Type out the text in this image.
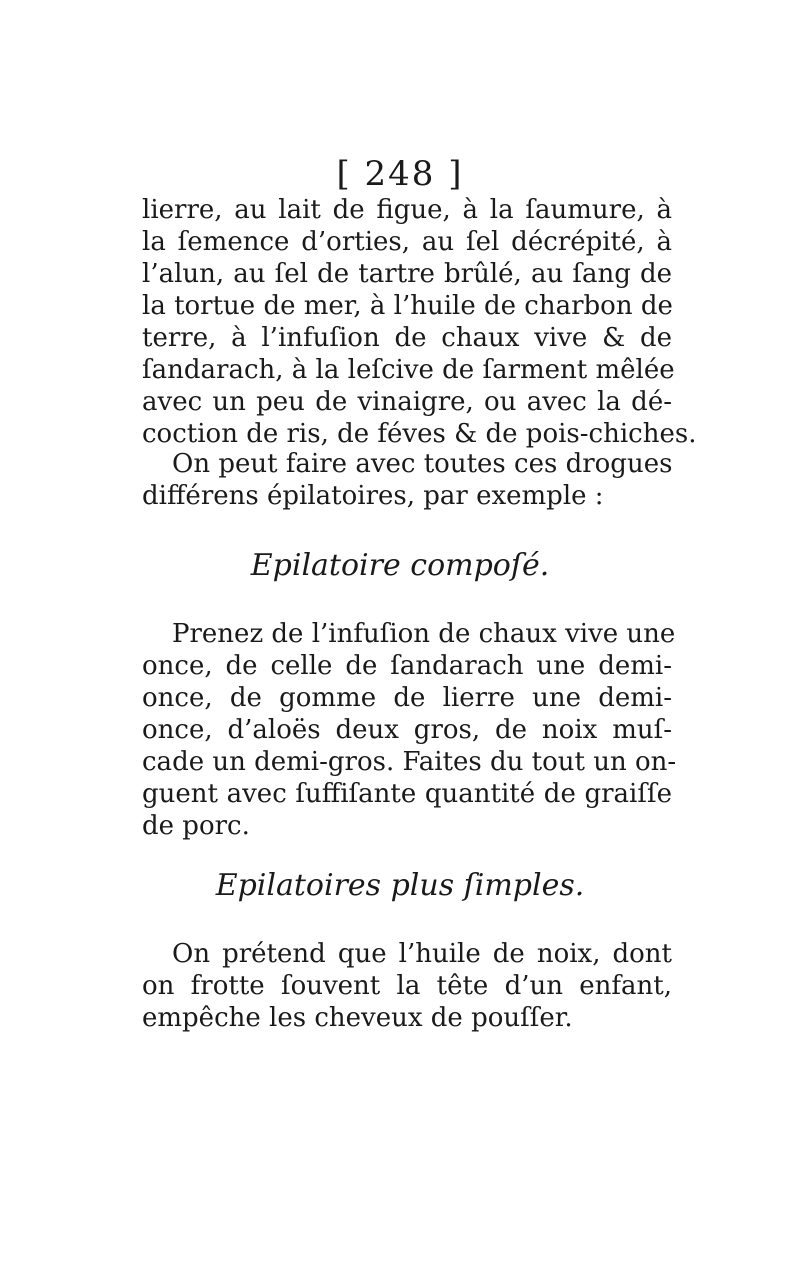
[ 248 ]
lierre, au lait de figue, à la ſaumure, à
la ſemence d’orties, au ſel décrépité, à
l’alun, au ſel de tartre brûlé, au ſang de
la tortue de mer, à l’huile de charbon de
terre, à l’infuſion de chaux vive & de
ſandarach, à la leſcive de ſarment mêlée
avec un peu de vinaigre, ou avec la dé-
coction de ris, de féves & de pois-chiches.
On peut faire avec toutes ces drogues
différens épilatoires, par exemple :
Epilatoire compoſé.
Prenez de l’infuſion de chaux vive une
once, de celle de ſandarach une demi-
once, de gomme de lierre une demi-
once, d’aloës deux gros, de noix muſ-
cade un demi-gros. Faites du tout un on-
guent avec ſuffiſante quantité de graiſſe
de porc.
Epilatoires plus ſimples.
On prétend que l’huile de noix, dont
on frotte ſouvent la tête d’un enfant,
empêche les cheveux de pouſſer.
